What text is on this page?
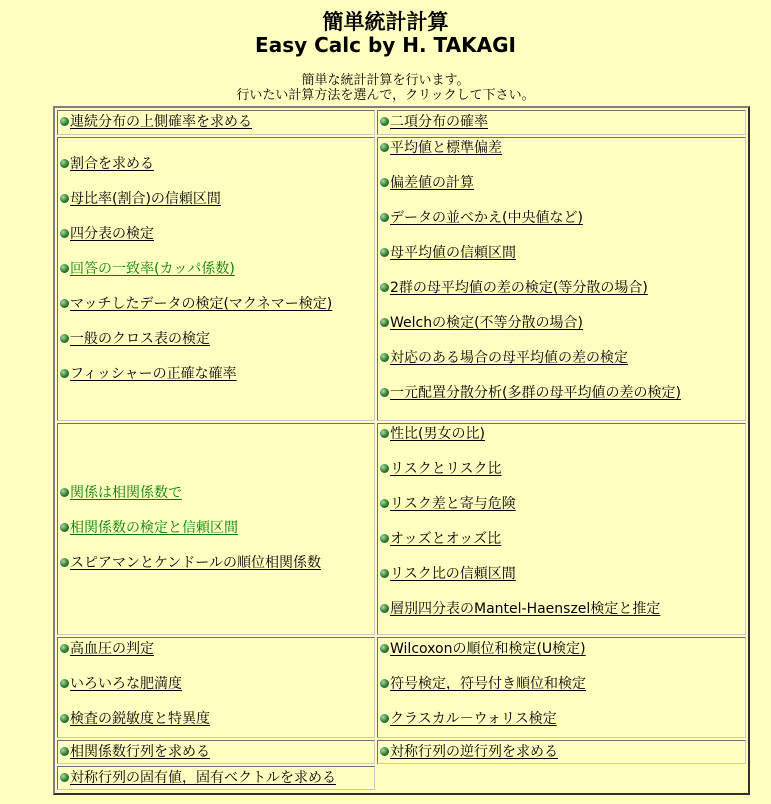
簡単統計計算
Easy Calc by H. TAKAGI
簡単な統計計算を行います。
行いたい計算方法を選んで，クリックして下さい。
連続分布の上側確率を求める	二項分布の確率
割合を求める
母比率(割合)の信頼区間
四分表の検定
回答の一致率(カッパ係数)
マッチしたデータの検定(マクネマー検定)
一般のクロス表の検定
フィッシャーの正確な確率
平均値と標準偏差
偏差値の計算
データの並べかえ(中央値など)
母平均値の信頼区間
2群の母平均値の差の検定(等分散の場合)
Welchの検定(不等分散の場合)
対応のある場合の母平均値の差の検定
一元配置分散分析(多群の母平均値の差の検定)
関係は相関係数で
相関係数の検定と信頼区間
スピアマンとケンドールの順位相関係数
性比(男女の比)
リスクとリスク比
リスク差と寄与危険
オッズとオッズ比
リスク比の信頼区間
層別四分表のMantel-Haenszel検定と推定
高血圧の判定
いろいろな肥満度
検査の鋭敏度と特異度
Wilcoxonの順位和検定(U検定)
符号検定，符号付き順位和検定
クラスカル－ウォリス検定
相関係数行列を求める	対称行列の逆行列を求める
対称行列の固有値，固有ベクトルを求める
